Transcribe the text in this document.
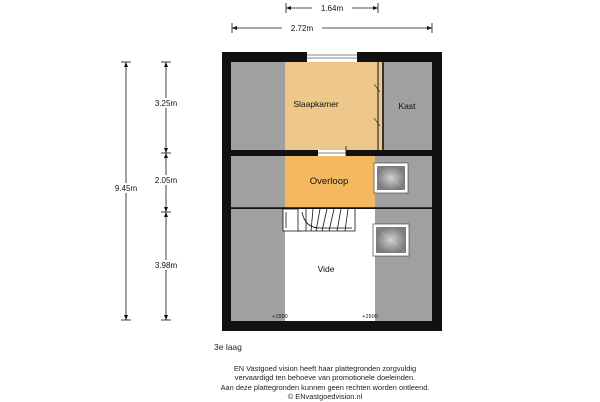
1.64m
2.72m
9.45m
3.25m
2.05m
3.98m
Slaapkamer	Kast
Overloop
Vide
+1500	+1500
3e laag
EN Vastgoed vision heeft haar plattegronden zorgvuldig
vervaardigd ten behoeve van promotionele doeleinden.
Aan deze plattegronden kunnen geen rechten worden ontleend.
© ENvastgoedvision.nl
